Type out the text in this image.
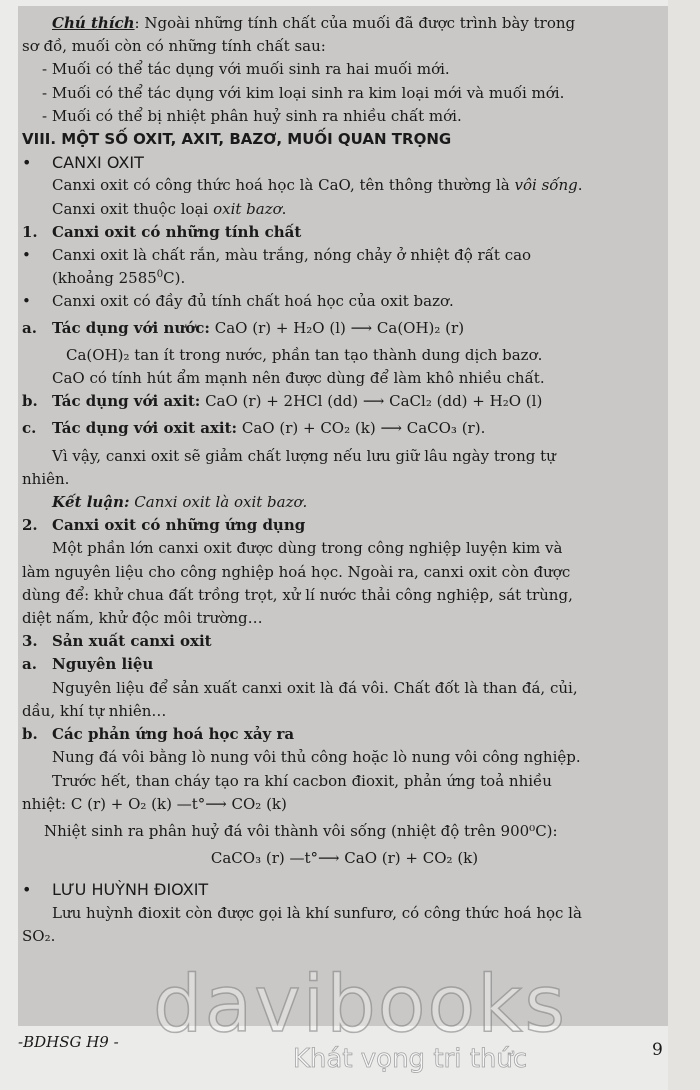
Chú thích: Ngoài những tính chất của muối đã được trình bày trong
sơ đồ, muối còn có những tính chất sau:
- Muối có thể tác dụng với muối sinh ra hai muối mới.
- Muối có thể tác dụng với kim loại sinh ra kim loại mới và muối mới.
- Muối có thể bị nhiệt phân huỷ sinh ra nhiều chất mới.
VIII. MỘT SỐ OXIT, AXIT, BAZƠ, MUỐI QUAN TRỌNG
• CANXI OXIT
Canxi oxit có công thức hoá học là CaO, tên thông thường là vôi sống.
Canxi oxit thuộc loại oxit bazơ.
1. Canxi oxit có những tính chất
• Canxi oxit là chất rắn, màu trắng, nóng chảy ở nhiệt độ rất cao
(khoảng 2585$^0$C).
• Canxi oxit có đầy đủ tính chất hoá học của oxit bazơ.
a. Tác dụng với nước: CaO (r) + H₂O (l) ⟶ Ca(OH)₂ (r)
Ca(OH)₂ tan ít trong nước, phần tan tạo thành dung dịch bazơ.
CaO có tính hút ẩm mạnh nên được dùng để làm khô nhiều chất.
b. Tác dụng với axit: CaO (r) + 2HCl (dd) ⟶ CaCl₂ (dd) + H₂O (l)
c. Tác dụng với oxit axit: CaO (r) + CO₂ (k) ⟶ CaCO₃ (r).
Vì vậy, canxi oxit sẽ giảm chất lượng nếu lưu giữ lâu ngày trong tự
nhiên.
Kết luận: Canxi oxit là oxit bazơ.
2. Canxi oxit có những ứng dụng
Một phần lớn canxi oxit được dùng trong công nghiệp luyện kim và
làm nguyên liệu cho công nghiệp hoá học. Ngoài ra, canxi oxit còn được
dùng để: khử chua đất trồng trọt, xử lí nước thải công nghiệp, sát trùng,
diệt nấm, khử độc môi trường…
3. Sản xuất canxi oxit
a. Nguyên liệu
Nguyên liệu để sản xuất canxi oxit là đá vôi. Chất đốt là than đá, củi,
dầu, khí tự nhiên…
b. Các phản ứng hoá học xảy ra
Nung đá vôi bằng lò nung vôi thủ công hoặc lò nung vôi công nghiệp.
Trước hết, than cháy tạo ra khí cacbon đioxit, phản ứng toả nhiều
nhiệt: C (r) + O₂ (k) —t°⟶ CO₂ (k)
Nhiệt sinh ra phân huỷ đá vôi thành vôi sống (nhiệt độ trên 900⁰C):
CaCO₃ (r) —t°⟶ CaO (r) + CO₂ (k)
• LƯU HUỲNH ĐIOXIT
Lưu huỳnh đioxit còn được gọi là khí sunfurơ, có công thức hoá học là
SO₂.
davibooks
-BDHSG H9 -
Khát vọng tri thức	9
